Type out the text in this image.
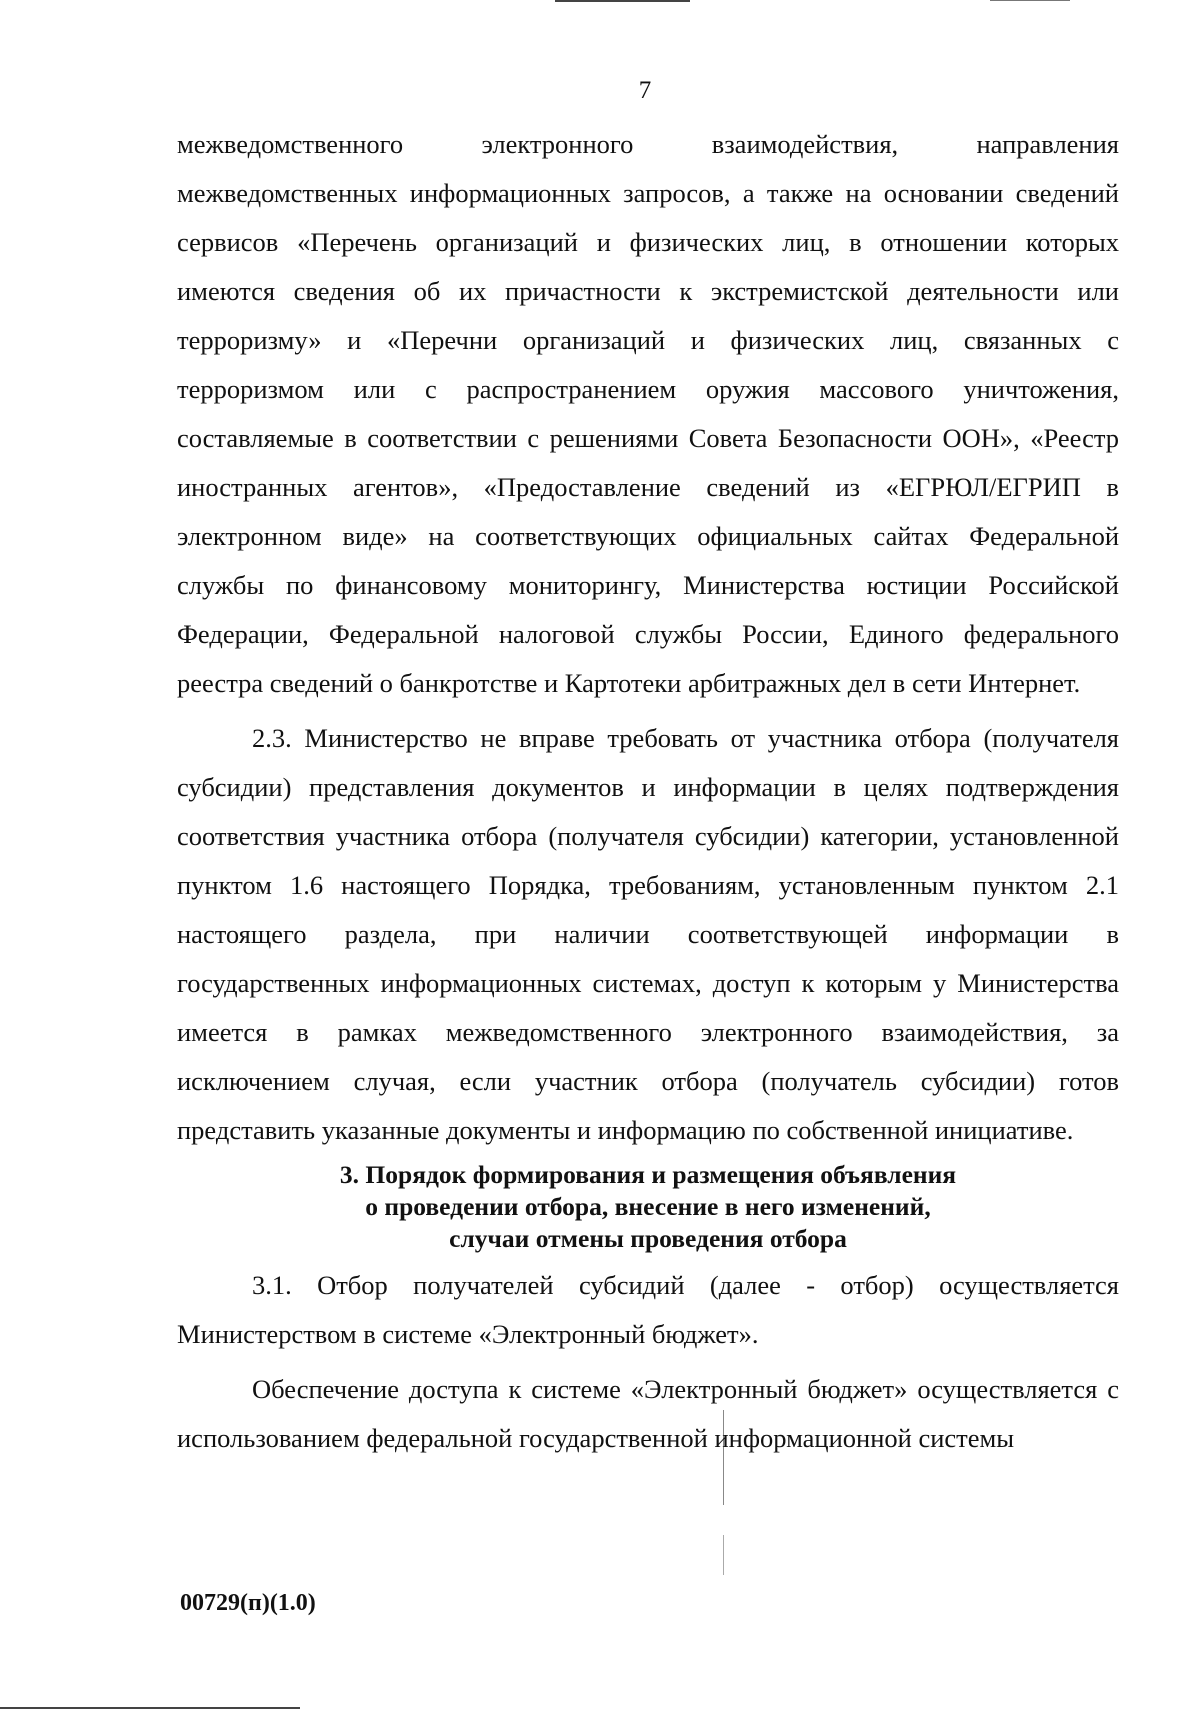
7

межведомственного электронного взаимодействия, направления межведомственных информационных запросов, а также на основании сведений сервисов «Перечень организаций и физических лиц, в отношении которых имеются сведения об их причастности к экстремистской деятельности или терроризму» и «Перечни организаций и физических лиц, связанных с терроризмом или с распространением оружия массового уничтожения, составляемые в соответствии с решениями Совета Безопасности ООН», «Реестр иностранных агентов», «Предоставление сведений из «ЕГРЮЛ/ЕГРИП в электронном виде» на соответствующих официальных сайтах Федеральной службы по финансовому мониторингу, Министерства юстиции Российской Федерации, Федеральной налоговой службы России, Единого федерального реестра сведений о банкротстве и Картотеки арбитражных дел в сети Интернет.

2.3. Министерство не вправе требовать от участника отбора (получателя субсидии) представления документов и информации в целях подтверждения соответствия участника отбора (получателя субсидии) категории, установленной пунктом 1.6 настоящего Порядка, требованиям, установленным пунктом 2.1 настоящего раздела, при наличии соответствующей информации в государственных информационных системах, доступ к которым у Министерства имеется в рамках межведомственного электронного взаимодействия, за исключением случая, если участник отбора (получатель субсидии) готов представить указанные документы и информацию по собственной инициативе.

3. Порядок формирования и размещения объявления
о проведении отбора, внесение в него изменений,
случаи отмены проведения отбора

3.1. Отбор получателей субсидий (далее - отбор) осуществляется Министерством в системе «Электронный бюджет».

Обеспечение доступа к системе «Электронный бюджет» осуществляется с использованием федеральной государственной информационной системы

00729(п)(1.0)
